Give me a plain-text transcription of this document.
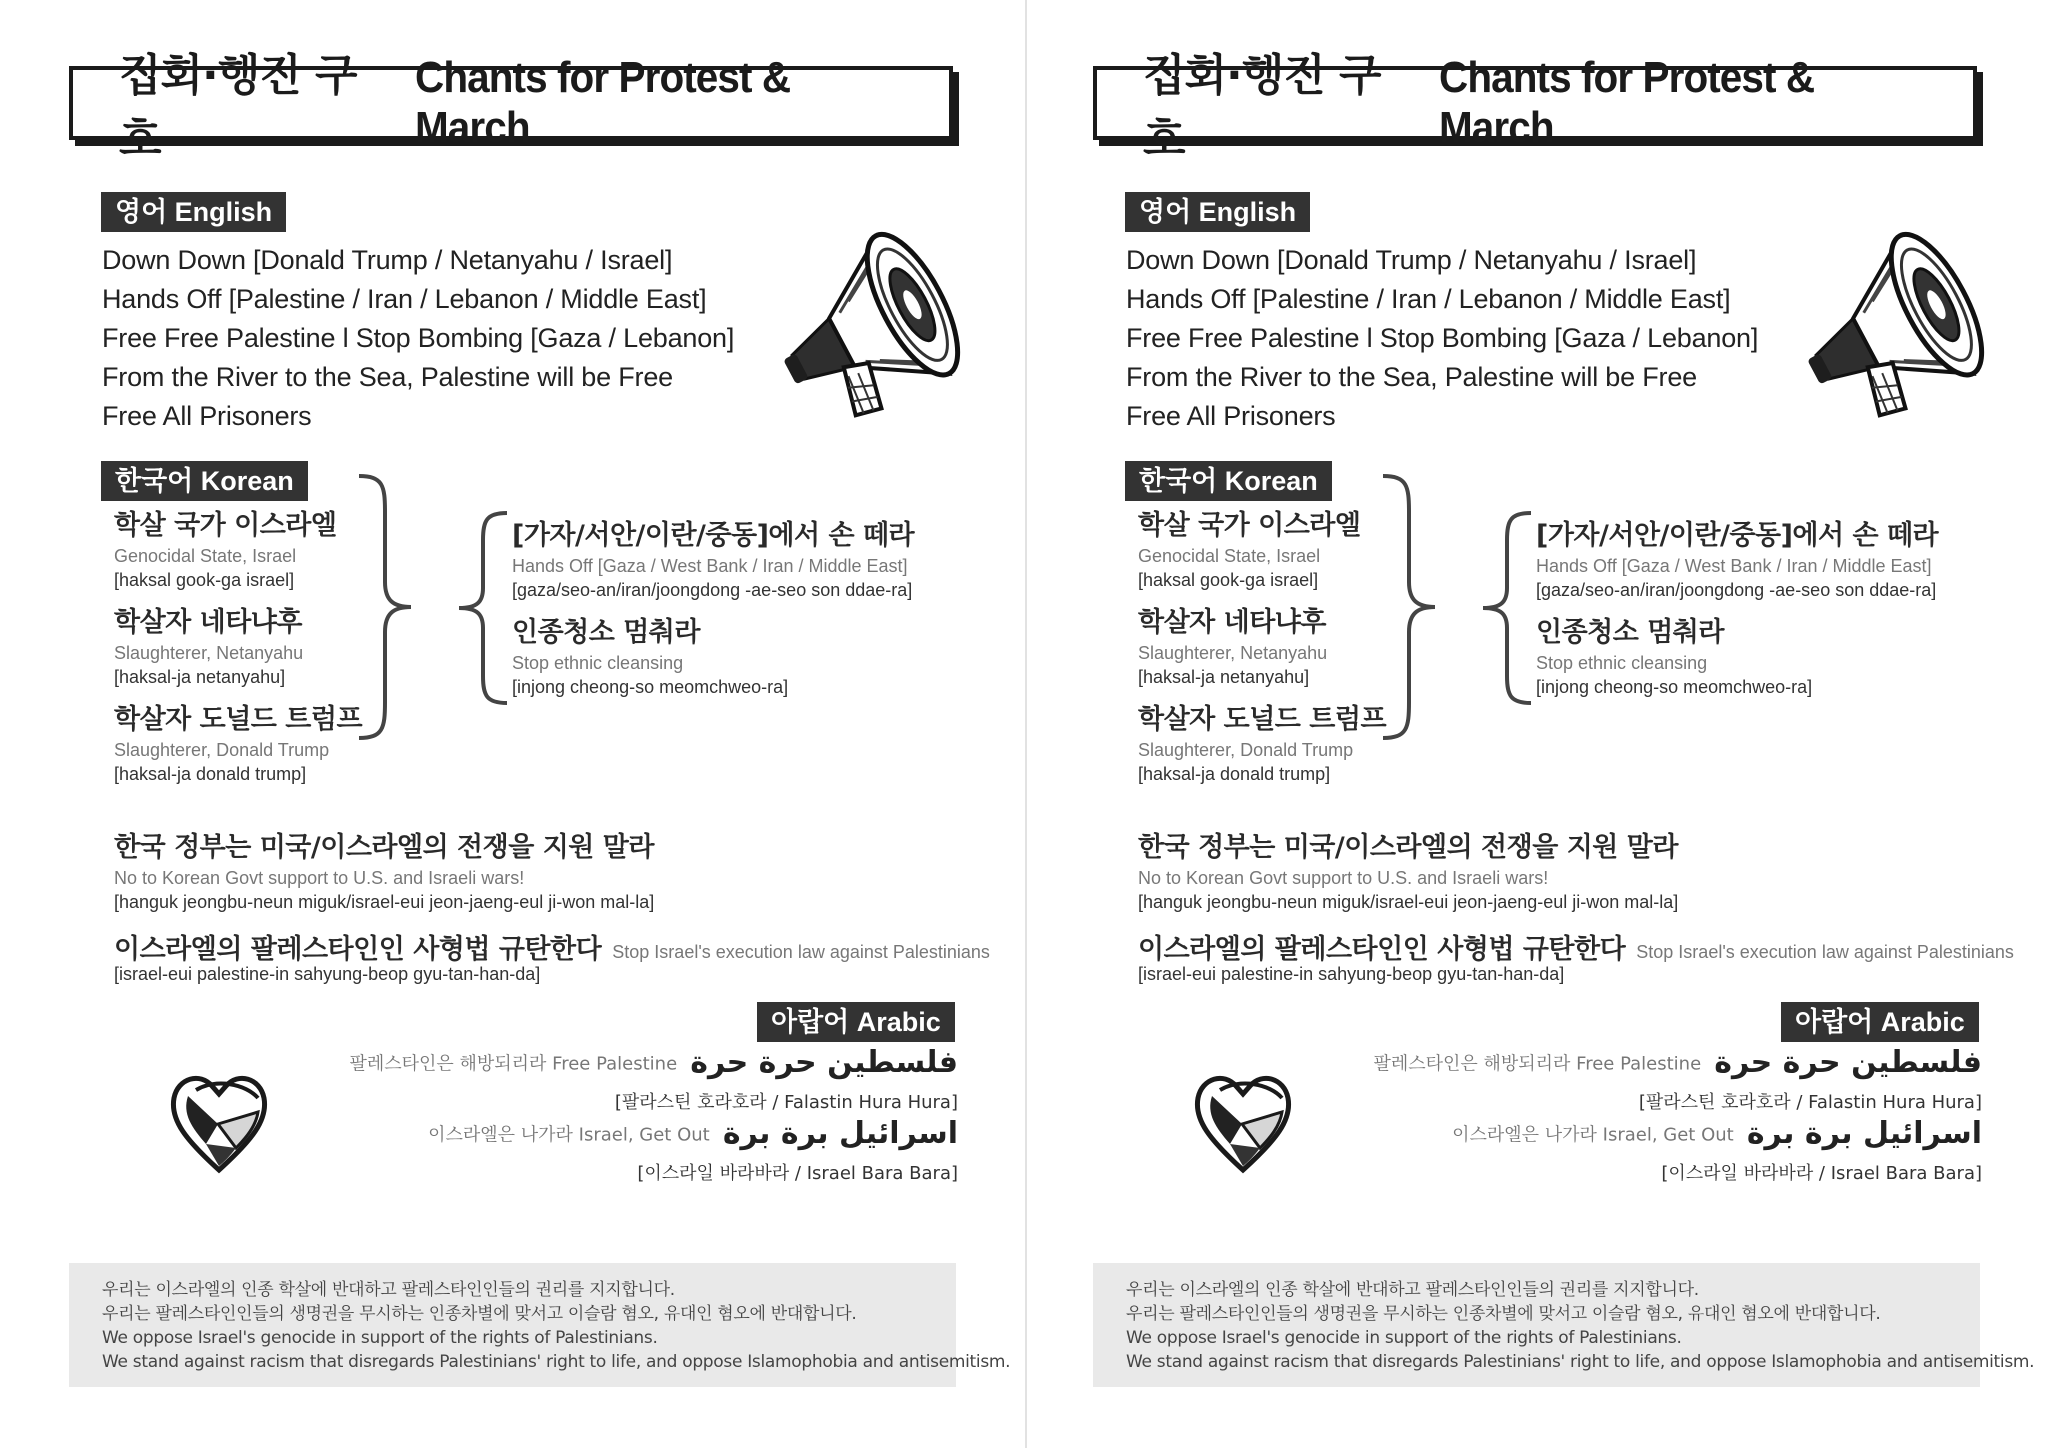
집회·행진 구호
Chants for Protest & March
영어 English
Down Down [Donald Trump / Netanyahu / Israel]
Hands Off [Palestine / Iran / Lebanon / Middle East]
Free Free Palestine l Stop Bombing [Gaza / Lebanon]
From the River to the Sea, Palestine will be Free
Free All Prisoners
한국어 Korean
학살 국가 이스라엘
Genocidal State, Israel
[haksal gook-ga israel]
학살자 네타냐후
Slaughterer, Netanyahu
[haksal-ja netanyahu]
학살자 도널드 트럼프
Slaughterer, Donald Trump
[haksal-ja donald trump]
[가자/서안/이란/중동]에서 손 떼라
Hands Off [Gaza / West Bank / Iran / Middle East]
[gaza/seo-an/iran/joongdong -ae-seo son ddae-ra]
인종청소 멈춰라
Stop ethnic cleansing
[injong cheong-so meomchweo-ra]
한국 정부는 미국/이스라엘의 전쟁을 지원 말라
No to Korean Govt support to U.S. and Israeli wars!
[hanguk jeongbu-neun miguk/israel-eui jeon-jaeng-eul ji-won mal-la]
이스라엘의 팔레스타인인 사형법 규탄한다 Stop Israel's execution law against Palestinians
[israel-eui palestine-in sahyung-beop gyu-tan-han-da]
아랍어 Arabic
팔레스타인은 해방되리라 Free Palestine فلسطين حرة حرة
[팔라스틴 호라호라 / Falastin Hura Hura]
이스라엘은 나가라 Israel, Get Out اسرائيل برة برة
[이스라일 바라바라 / Israel Bara Bara]
우리는 이스라엘의 인종 학살에 반대하고 팔레스타인인들의 권리를 지지합니다.
우리는 팔레스타인인들의 생명권을 무시하는 인종차별에 맞서고 이슬람 혐오, 유대인 혐오에 반대합니다.
We oppose Israel's genocide in support of the rights of Palestinians.
We stand against racism that disregards Palestinians' right to life, and oppose Islamophobia and antisemitism.
집회·행진 구호
Chants for Protest & March
영어 English
Down Down [Donald Trump / Netanyahu / Israel]
Hands Off [Palestine / Iran / Lebanon / Middle East]
Free Free Palestine l Stop Bombing [Gaza / Lebanon]
From the River to the Sea, Palestine will be Free
Free All Prisoners
한국어 Korean
학살 국가 이스라엘
Genocidal State, Israel
[haksal gook-ga israel]
학살자 네타냐후
Slaughterer, Netanyahu
[haksal-ja netanyahu]
학살자 도널드 트럼프
Slaughterer, Donald Trump
[haksal-ja donald trump]
[가자/서안/이란/중동]에서 손 떼라
Hands Off [Gaza / West Bank / Iran / Middle East]
[gaza/seo-an/iran/joongdong -ae-seo son ddae-ra]
인종청소 멈춰라
Stop ethnic cleansing
[injong cheong-so meomchweo-ra]
한국 정부는 미국/이스라엘의 전쟁을 지원 말라
No to Korean Govt support to U.S. and Israeli wars!
[hanguk jeongbu-neun miguk/israel-eui jeon-jaeng-eul ji-won mal-la]
이스라엘의 팔레스타인인 사형법 규탄한다 Stop Israel's execution law against Palestinians
[israel-eui palestine-in sahyung-beop gyu-tan-han-da]
아랍어 Arabic
팔레스타인은 해방되리라 Free Palestine فلسطين حرة حرة
[팔라스틴 호라호라 / Falastin Hura Hura]
이스라엘은 나가라 Israel, Get Out اسرائيل برة برة
[이스라일 바라바라 / Israel Bara Bara]
우리는 이스라엘의 인종 학살에 반대하고 팔레스타인인들의 권리를 지지합니다.
우리는 팔레스타인인들의 생명권을 무시하는 인종차별에 맞서고 이슬람 혐오, 유대인 혐오에 반대합니다.
We oppose Israel's genocide in support of the rights of Palestinians.
We stand against racism that disregards Palestinians' right to life, and oppose Islamophobia and antisemitism.
